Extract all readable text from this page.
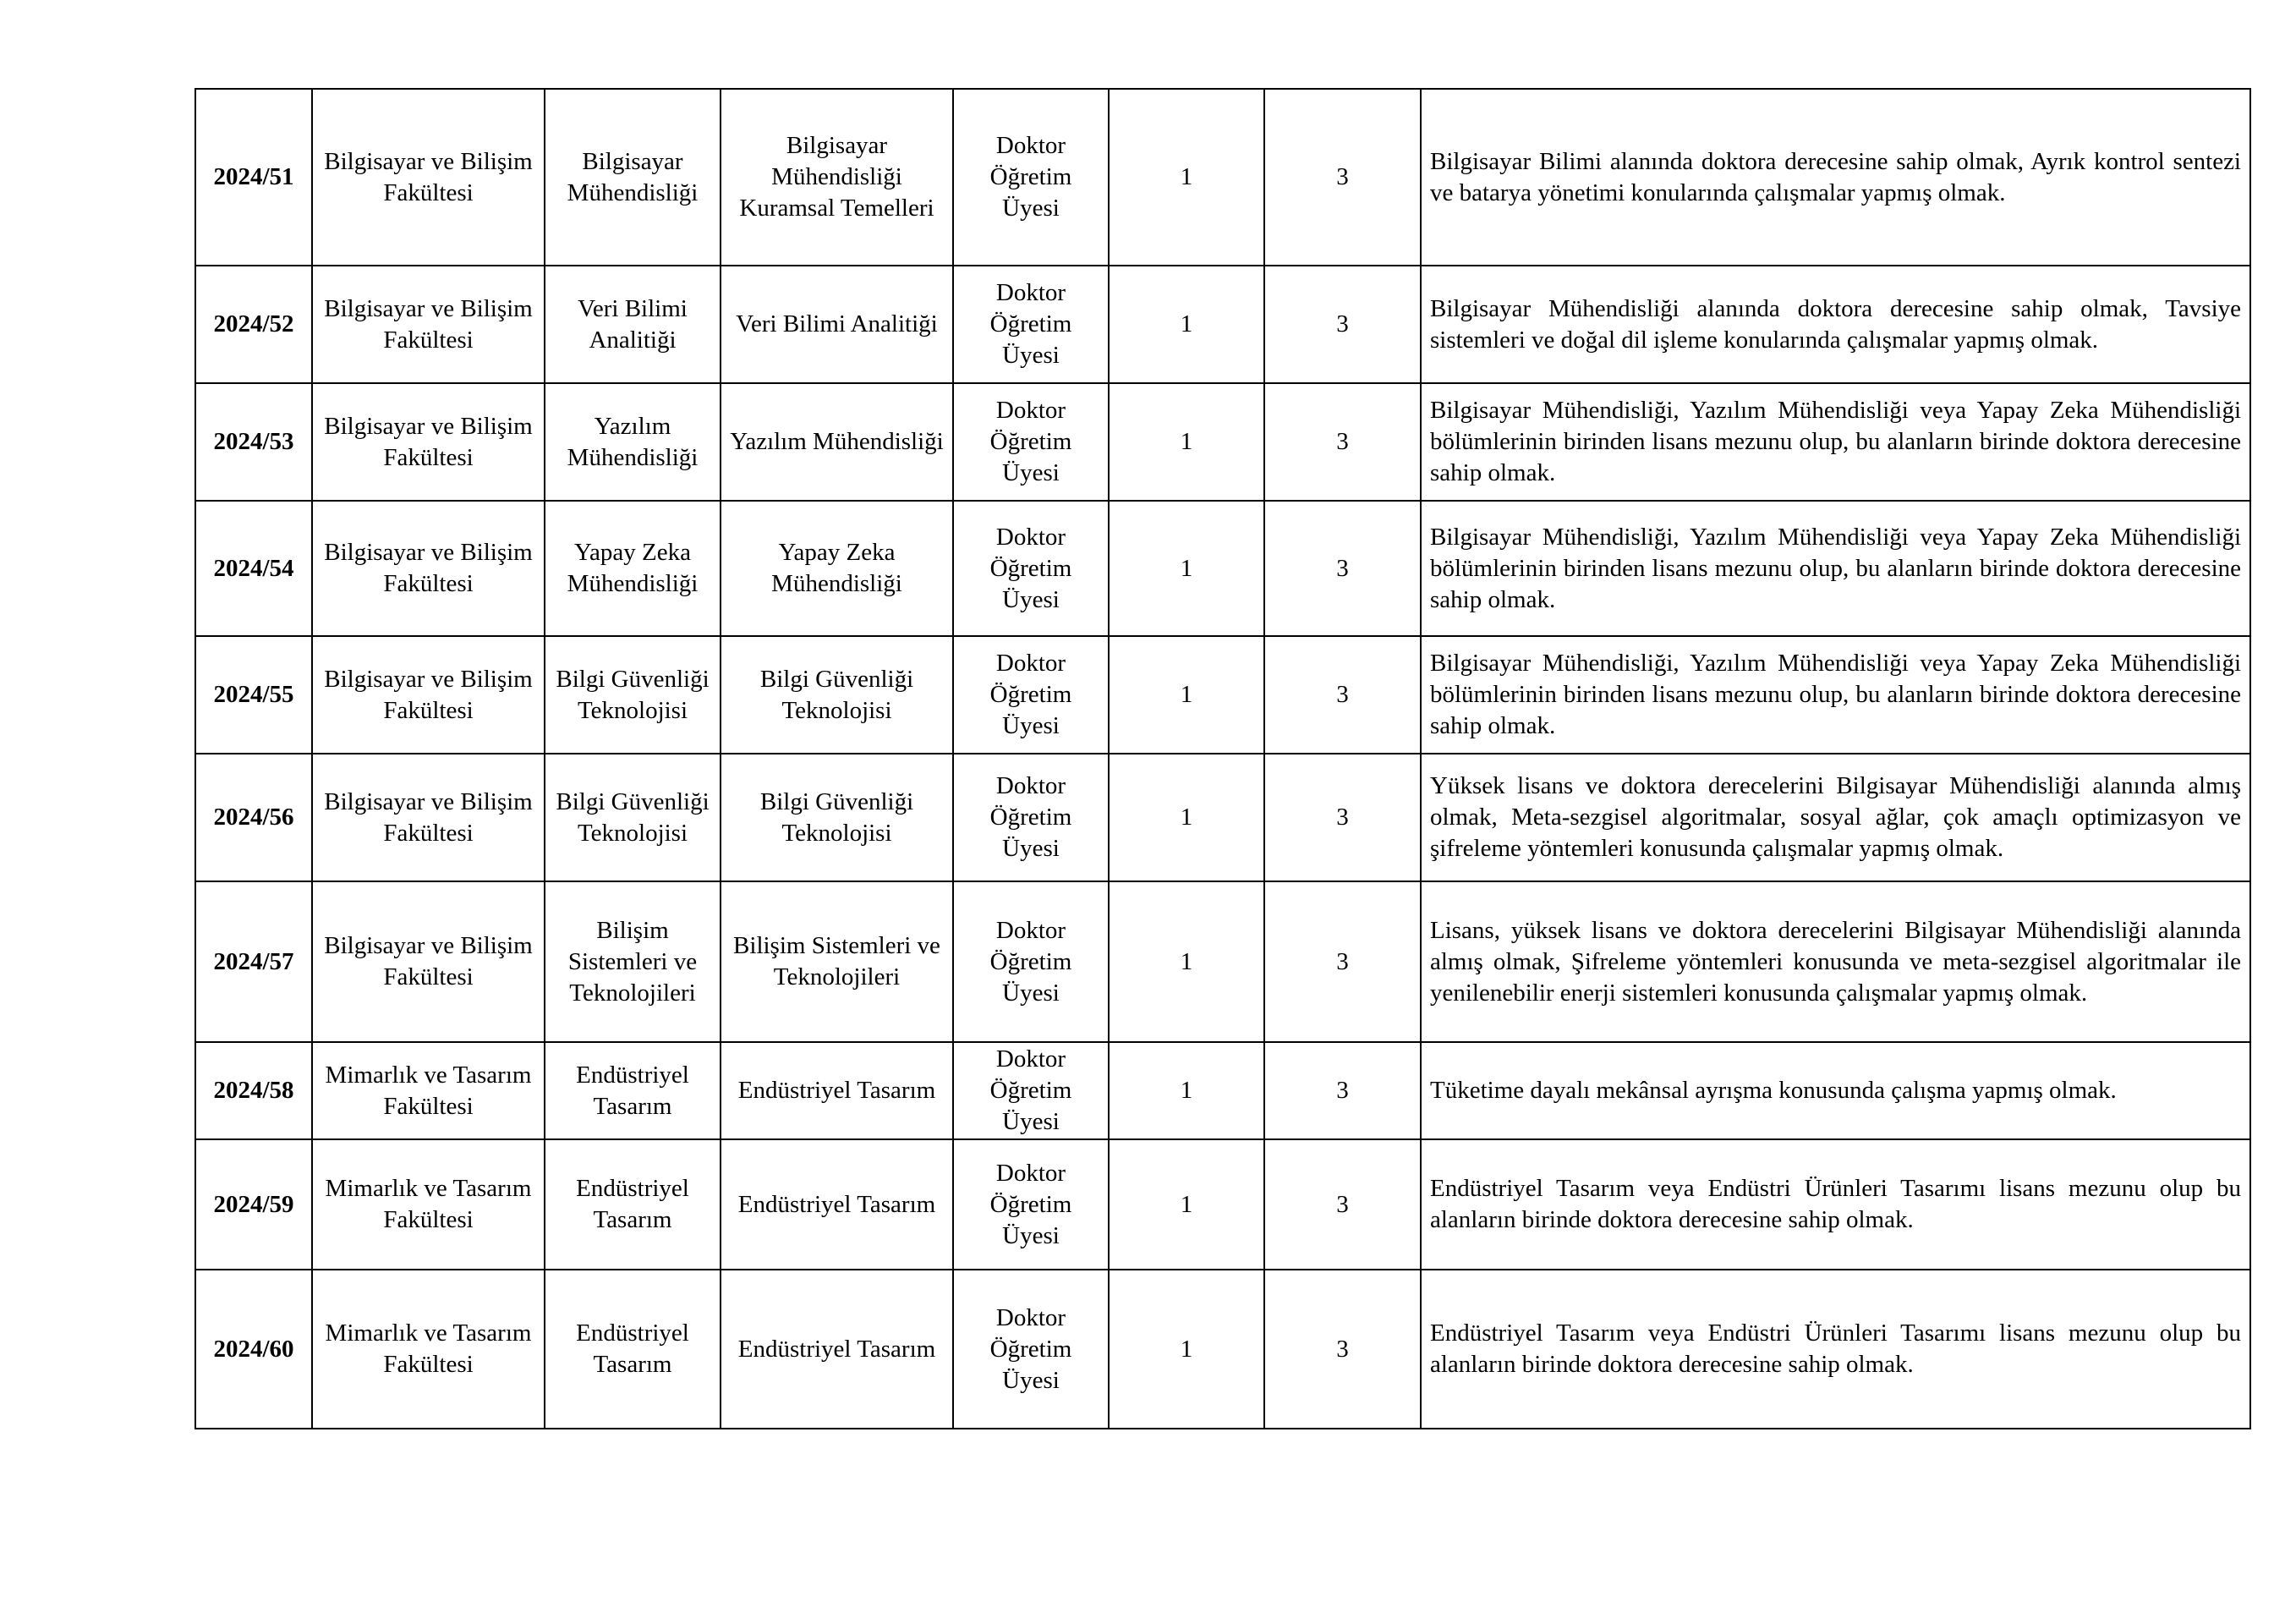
2024/51	Bilgisayar ve Bilişim Fakültesi	Bilgisayar Mühendisliği	Bilgisayar Mühendisliği Kuramsal Temelleri	Doktor Öğretim Üyesi	1	3	Bilgisayar Bilimi alanında doktora derecesine sahip olmak, Ayrık kontrol sentezi ve batarya yönetimi konularında çalışmalar yapmış olmak.
2024/52	Bilgisayar ve Bilişim Fakültesi	Veri Bilimi Analitiği	Veri Bilimi Analitiği	Doktor Öğretim Üyesi	1	3	Bilgisayar Mühendisliği alanında doktora derecesine sahip olmak, Tavsiye sistemleri ve doğal dil işleme konularında çalışmalar yapmış olmak.
2024/53	Bilgisayar ve Bilişim Fakültesi	Yazılım Mühendisliği	Yazılım Mühendisliği	Doktor Öğretim Üyesi	1	3	Bilgisayar Mühendisliği, Yazılım Mühendisliği veya Yapay Zeka Mühendisliği bölümlerinin birinden lisans mezunu olup, bu alanların birinde doktora derecesine sahip olmak.
2024/54	Bilgisayar ve Bilişim Fakültesi	Yapay Zeka Mühendisliği	Yapay Zeka Mühendisliği	Doktor Öğretim Üyesi	1	3	Bilgisayar Mühendisliği, Yazılım Mühendisliği veya Yapay Zeka Mühendisliği bölümlerinin birinden lisans mezunu olup, bu alanların birinde doktora derecesine sahip olmak.
2024/55	Bilgisayar ve Bilişim Fakültesi	Bilgi Güvenliği Teknolojisi	Bilgi Güvenliği Teknolojisi	Doktor Öğretim Üyesi	1	3	Bilgisayar Mühendisliği, Yazılım Mühendisliği veya Yapay Zeka Mühendisliği bölümlerinin birinden lisans mezunu olup, bu alanların birinde doktora derecesine sahip olmak.
2024/56	Bilgisayar ve Bilişim Fakültesi	Bilgi Güvenliği Teknolojisi	Bilgi Güvenliği Teknolojisi	Doktor Öğretim Üyesi	1	3	Yüksek lisans ve doktora derecelerini Bilgisayar Mühendisliği alanında almış olmak, Meta-sezgisel algoritmalar, sosyal ağlar, çok amaçlı optimizasyon ve şifreleme yöntemleri konusunda çalışmalar yapmış olmak.
2024/57	Bilgisayar ve Bilişim Fakültesi	Bilişim Sistemleri ve Teknolojileri	Bilişim Sistemleri ve Teknolojileri	Doktor Öğretim Üyesi	1	3	Lisans, yüksek lisans ve doktora derecelerini Bilgisayar Mühendisliği alanında almış olmak, Şifreleme yöntemleri konusunda ve meta-sezgisel algoritmalar ile yenilenebilir enerji sistemleri konusunda çalışmalar yapmış olmak.
2024/58	Mimarlık ve Tasarım Fakültesi	Endüstriyel Tasarım	Endüstriyel Tasarım	Doktor Öğretim Üyesi	1	3	Tüketime dayalı mekânsal ayrışma konusunda çalışma yapmış olmak.
2024/59	Mimarlık ve Tasarım Fakültesi	Endüstriyel Tasarım	Endüstriyel Tasarım	Doktor Öğretim Üyesi	1	3	Endüstriyel Tasarım veya Endüstri Ürünleri Tasarımı lisans mezunu olup bu alanların birinde doktora derecesine sahip olmak.
2024/60	Mimarlık ve Tasarım Fakültesi	Endüstriyel Tasarım	Endüstriyel Tasarım	Doktor Öğretim Üyesi	1	3	Endüstriyel Tasarım veya Endüstri Ürünleri Tasarımı lisans mezunu olup bu alanların birinde doktora derecesine sahip olmak.
